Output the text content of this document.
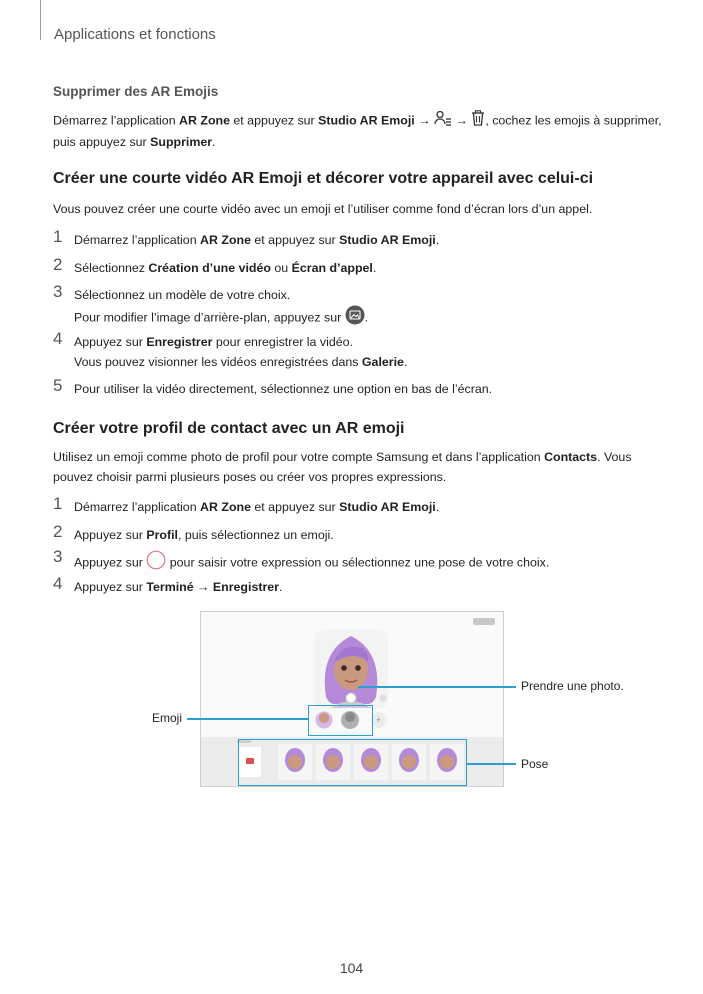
Applications et fonctions
Supprimer des AR Emojis
Démarrez l’application AR Zone et appuyez sur Studio AR Emoji →  → , cochez les emojis à supprimer,
puis appuyez sur Supprimer.
Créer une courte vidéo AR Emoji et décorer votre appareil avec celui-ci
Vous pouvez créer une courte vidéo avec un emoji et l’utiliser comme fond d’écran lors d’un appel.
1 Démarrez l’application AR Zone et appuyez sur Studio AR Emoji.
2 Sélectionnez Création d’une vidéo ou Écran d’appel.
3 Sélectionnez un modèle de votre choix.
Pour modifier l’image d’arrière-plan, appuyez sur .
4 Appuyez sur Enregistrer pour enregistrer la vidéo.
Vous pouvez visionner les vidéos enregistrées dans Galerie.
5 Pour utiliser la vidéo directement, sélectionnez une option en bas de l’écran.
Créer votre profil de contact avec un AR emoji
Utilisez un emoji comme photo de profil pour votre compte Samsung et dans l’application Contacts. Vous
pouvez choisir parmi plusieurs poses ou créer vos propres expressions.
1 Démarrez l’application AR Zone et appuyez sur Studio AR Emoji.
2 Appuyez sur Profil, puis sélectionnez un emoji.
3 Appuyez sur  pour saisir votre expression ou sélectionnez une pose de votre choix.
4 Appuyez sur Terminé → Enregistrer.
+
Prendre une photo.
Emoji
Pose
104
